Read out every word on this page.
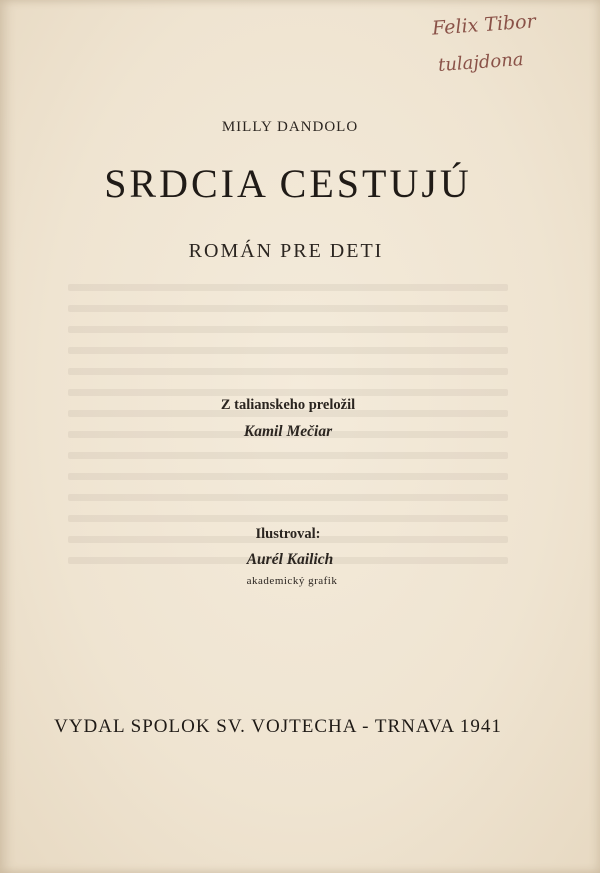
Felix Tibor
tulajdona
MILLY DANDOLO
SRDCIA CESTUJÚ
ROMÁN PRE DETI
Z talianskeho preložil
Kamil Mečiar
Ilustroval:
Aurél Kailich
akademický grafik
VYDAL SPOLOK SV. VOJTECHA - TRNAVA 1941
